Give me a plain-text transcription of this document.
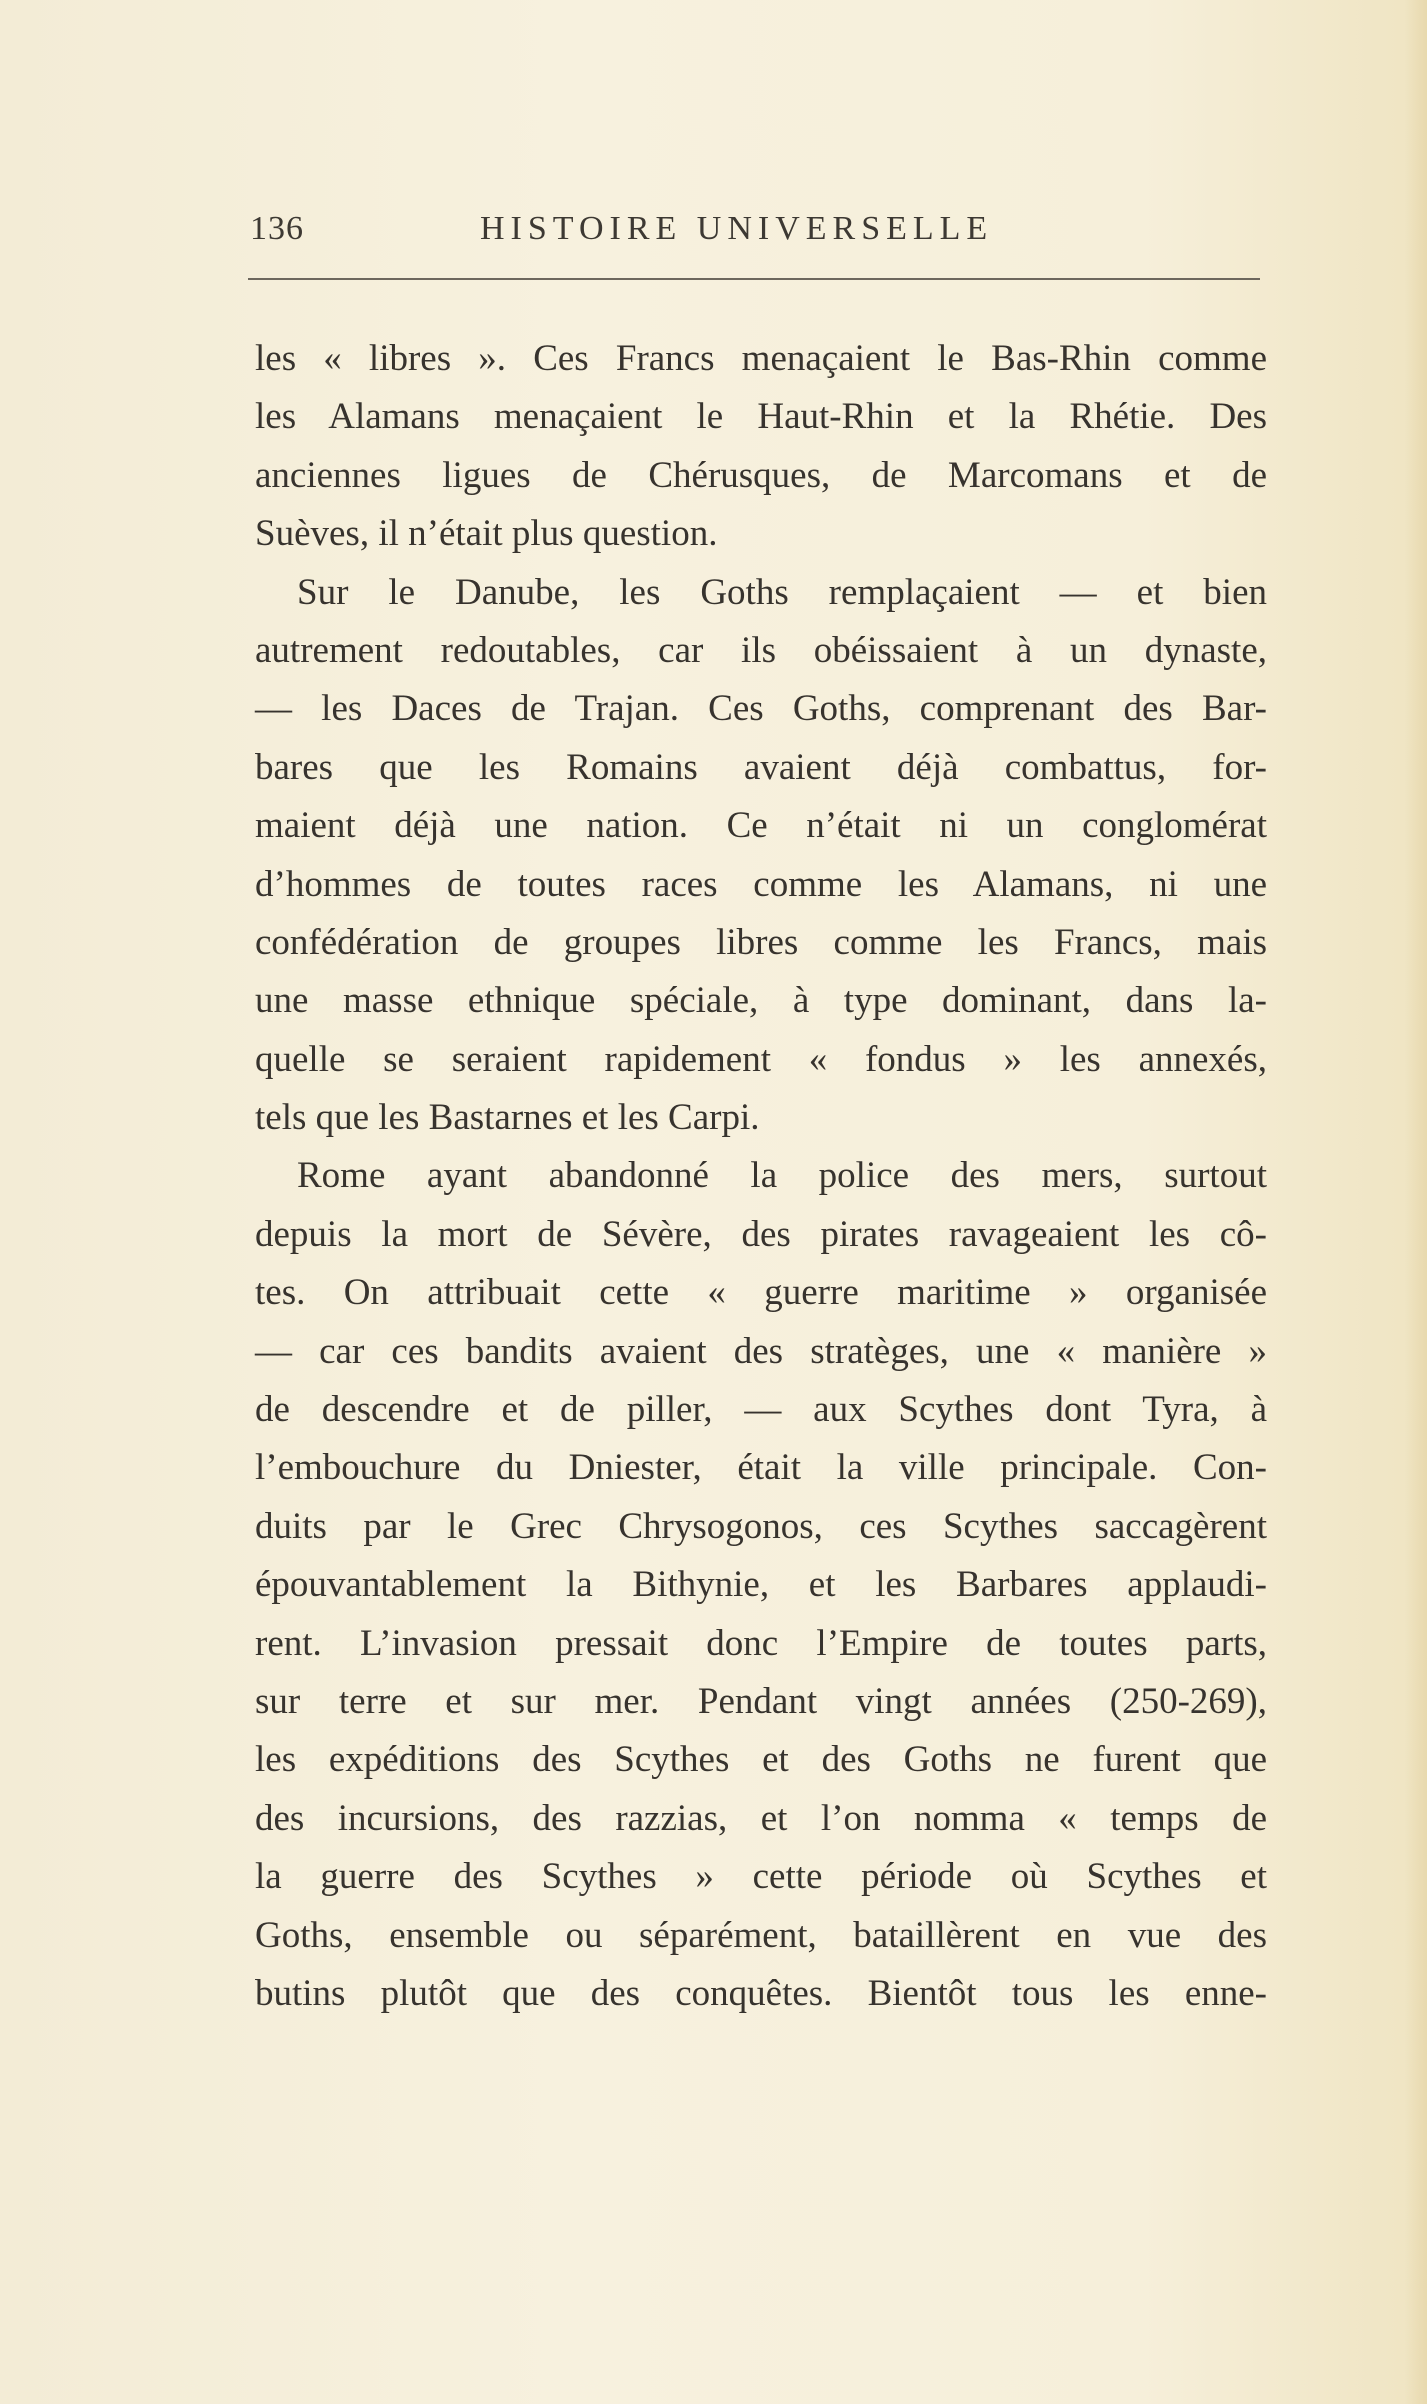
136	HISTOIRE UNIVERSELLE
les « libres ». Ces Francs menaçaient le Bas-Rhin comme
les Alamans menaçaient le Haut-Rhin et la Rhétie. Des
anciennes ligues de Chérusques, de Marcomans et de
Suèves, il n’était plus question.
Sur le Danube, les Goths remplaçaient — et bien
autrement redoutables, car ils obéissaient à un dynaste,
— les Daces de Trajan. Ces Goths, comprenant des Bar-
bares que les Romains avaient déjà combattus, for-
maient déjà une nation. Ce n’était ni un conglomérat
d’hommes de toutes races comme les Alamans, ni une
confédération de groupes libres comme les Francs, mais
une masse ethnique spéciale, à type dominant, dans la-
quelle se seraient rapidement « fondus » les annexés,
tels que les Bastarnes et les Carpi.
Rome ayant abandonné la police des mers, surtout
depuis la mort de Sévère, des pirates ravageaient les cô-
tes. On attribuait cette « guerre maritime » organisée
— car ces bandits avaient des stratèges, une « manière »
de descendre et de piller, — aux Scythes dont Tyra, à
l’embouchure du Dniester, était la ville principale. Con-
duits par le Grec Chrysogonos, ces Scythes saccagèrent
épouvantablement la Bithynie, et les Barbares applaudi-
rent. L’invasion pressait donc l’Empire de toutes parts,
sur terre et sur mer. Pendant vingt années (250-269),
les expéditions des Scythes et des Goths ne furent que
des incursions, des razzias, et l’on nomma « temps de
la guerre des Scythes » cette période où Scythes et
Goths, ensemble ou séparément, bataillèrent en vue des
butins plutôt que des conquêtes. Bientôt tous les enne-
